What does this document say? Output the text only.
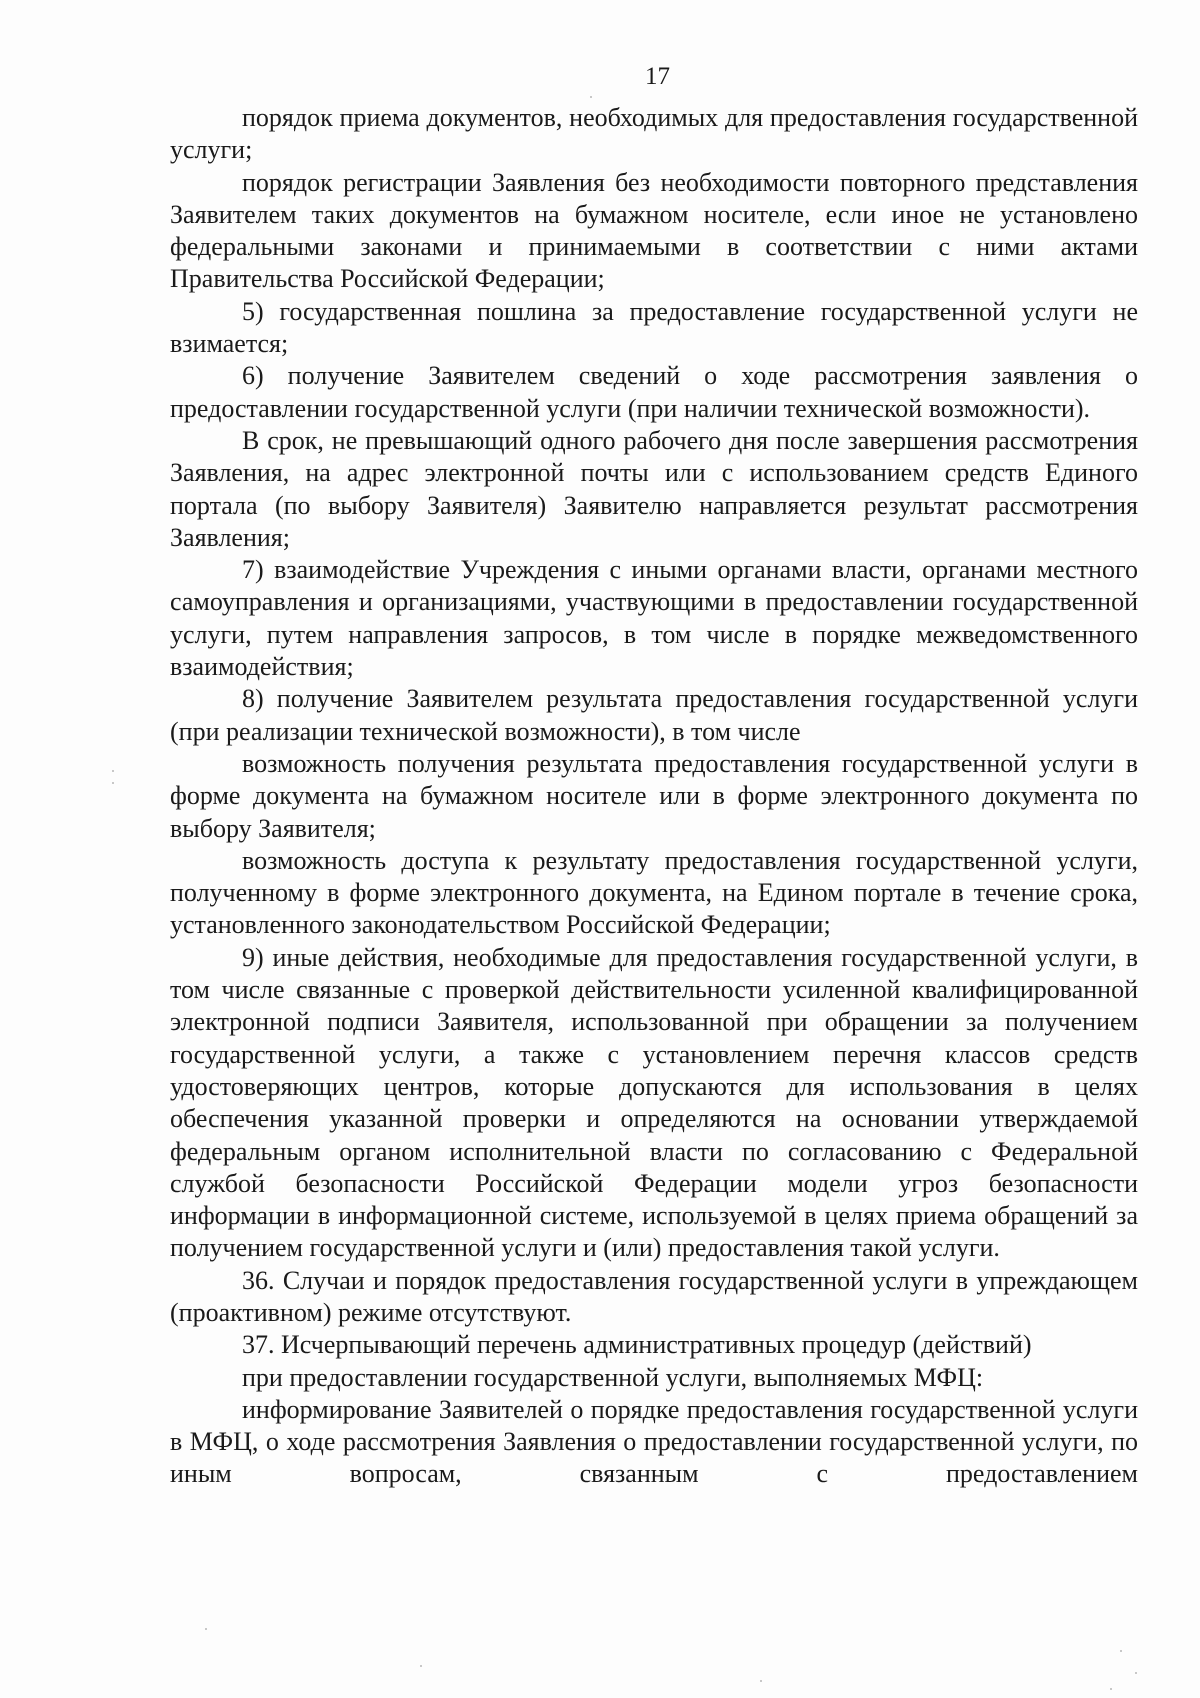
17

порядок приема документов, необходимых для предоставления государственной услуги;

порядок регистрации Заявления без необходимости повторного представления Заявителем таких документов на бумажном носителе, если иное не установлено федеральными законами и принимаемыми в соответствии с ними актами Правительства Российской Федерации;

5) государственная пошлина за предоставление государственной услуги не взимается;

6) получение Заявителем сведений о ходе рассмотрения заявления о предоставлении государственной услуги (при наличии технической возможности).

В срок, не превышающий одного рабочего дня после завершения рассмотрения Заявления, на адрес электронной почты или с использованием средств Единого портала (по выбору Заявителя) Заявителю направляется результат рассмотрения Заявления;

7) взаимодействие Учреждения с иными органами власти, органами местного самоуправления и организациями, участвующими в предоставлении государственной услуги, путем направления запросов, в том числе в порядке межведомственного взаимодействия;

8) получение Заявителем результата предоставления государственной услуги (при реализации технической возможности), в том числе

возможность получения результата предоставления государственной услуги в форме документа на бумажном носителе или в форме электронного документа по выбору Заявителя;

возможность доступа к результату предоставления государственной услуги, полученному в форме электронного документа, на Едином портале в течение срока, установленного законодательством Российской Федерации;

9) иные действия, необходимые для предоставления государственной услуги, в том числе связанные с проверкой действительности усиленной квалифицированной электронной подписи Заявителя, использованной при обращении за получением государственной услуги, а также с установлением перечня классов средств удостоверяющих центров, которые допускаются для использования в целях обеспечения указанной проверки и определяются на основании утверждаемой федеральным органом исполнительной власти по согласованию с Федеральной службой безопасности Российской Федерации модели угроз безопасности информации в информационной системе, используемой в целях приема обращений за получением государственной услуги и (или) предоставления такой услуги.

36. Случаи и порядок предоставления государственной услуги в упреждающем (проактивном) режиме отсутствуют.

37. Исчерпывающий перечень административных процедур (действий)

при предоставлении государственной услуги, выполняемых МФЦ:

информирование Заявителей о порядке предоставления государственной услуги в МФЦ, о ходе рассмотрения Заявления о предоставлении государственной услуги, по иным вопросам, связанным с предоставлением
